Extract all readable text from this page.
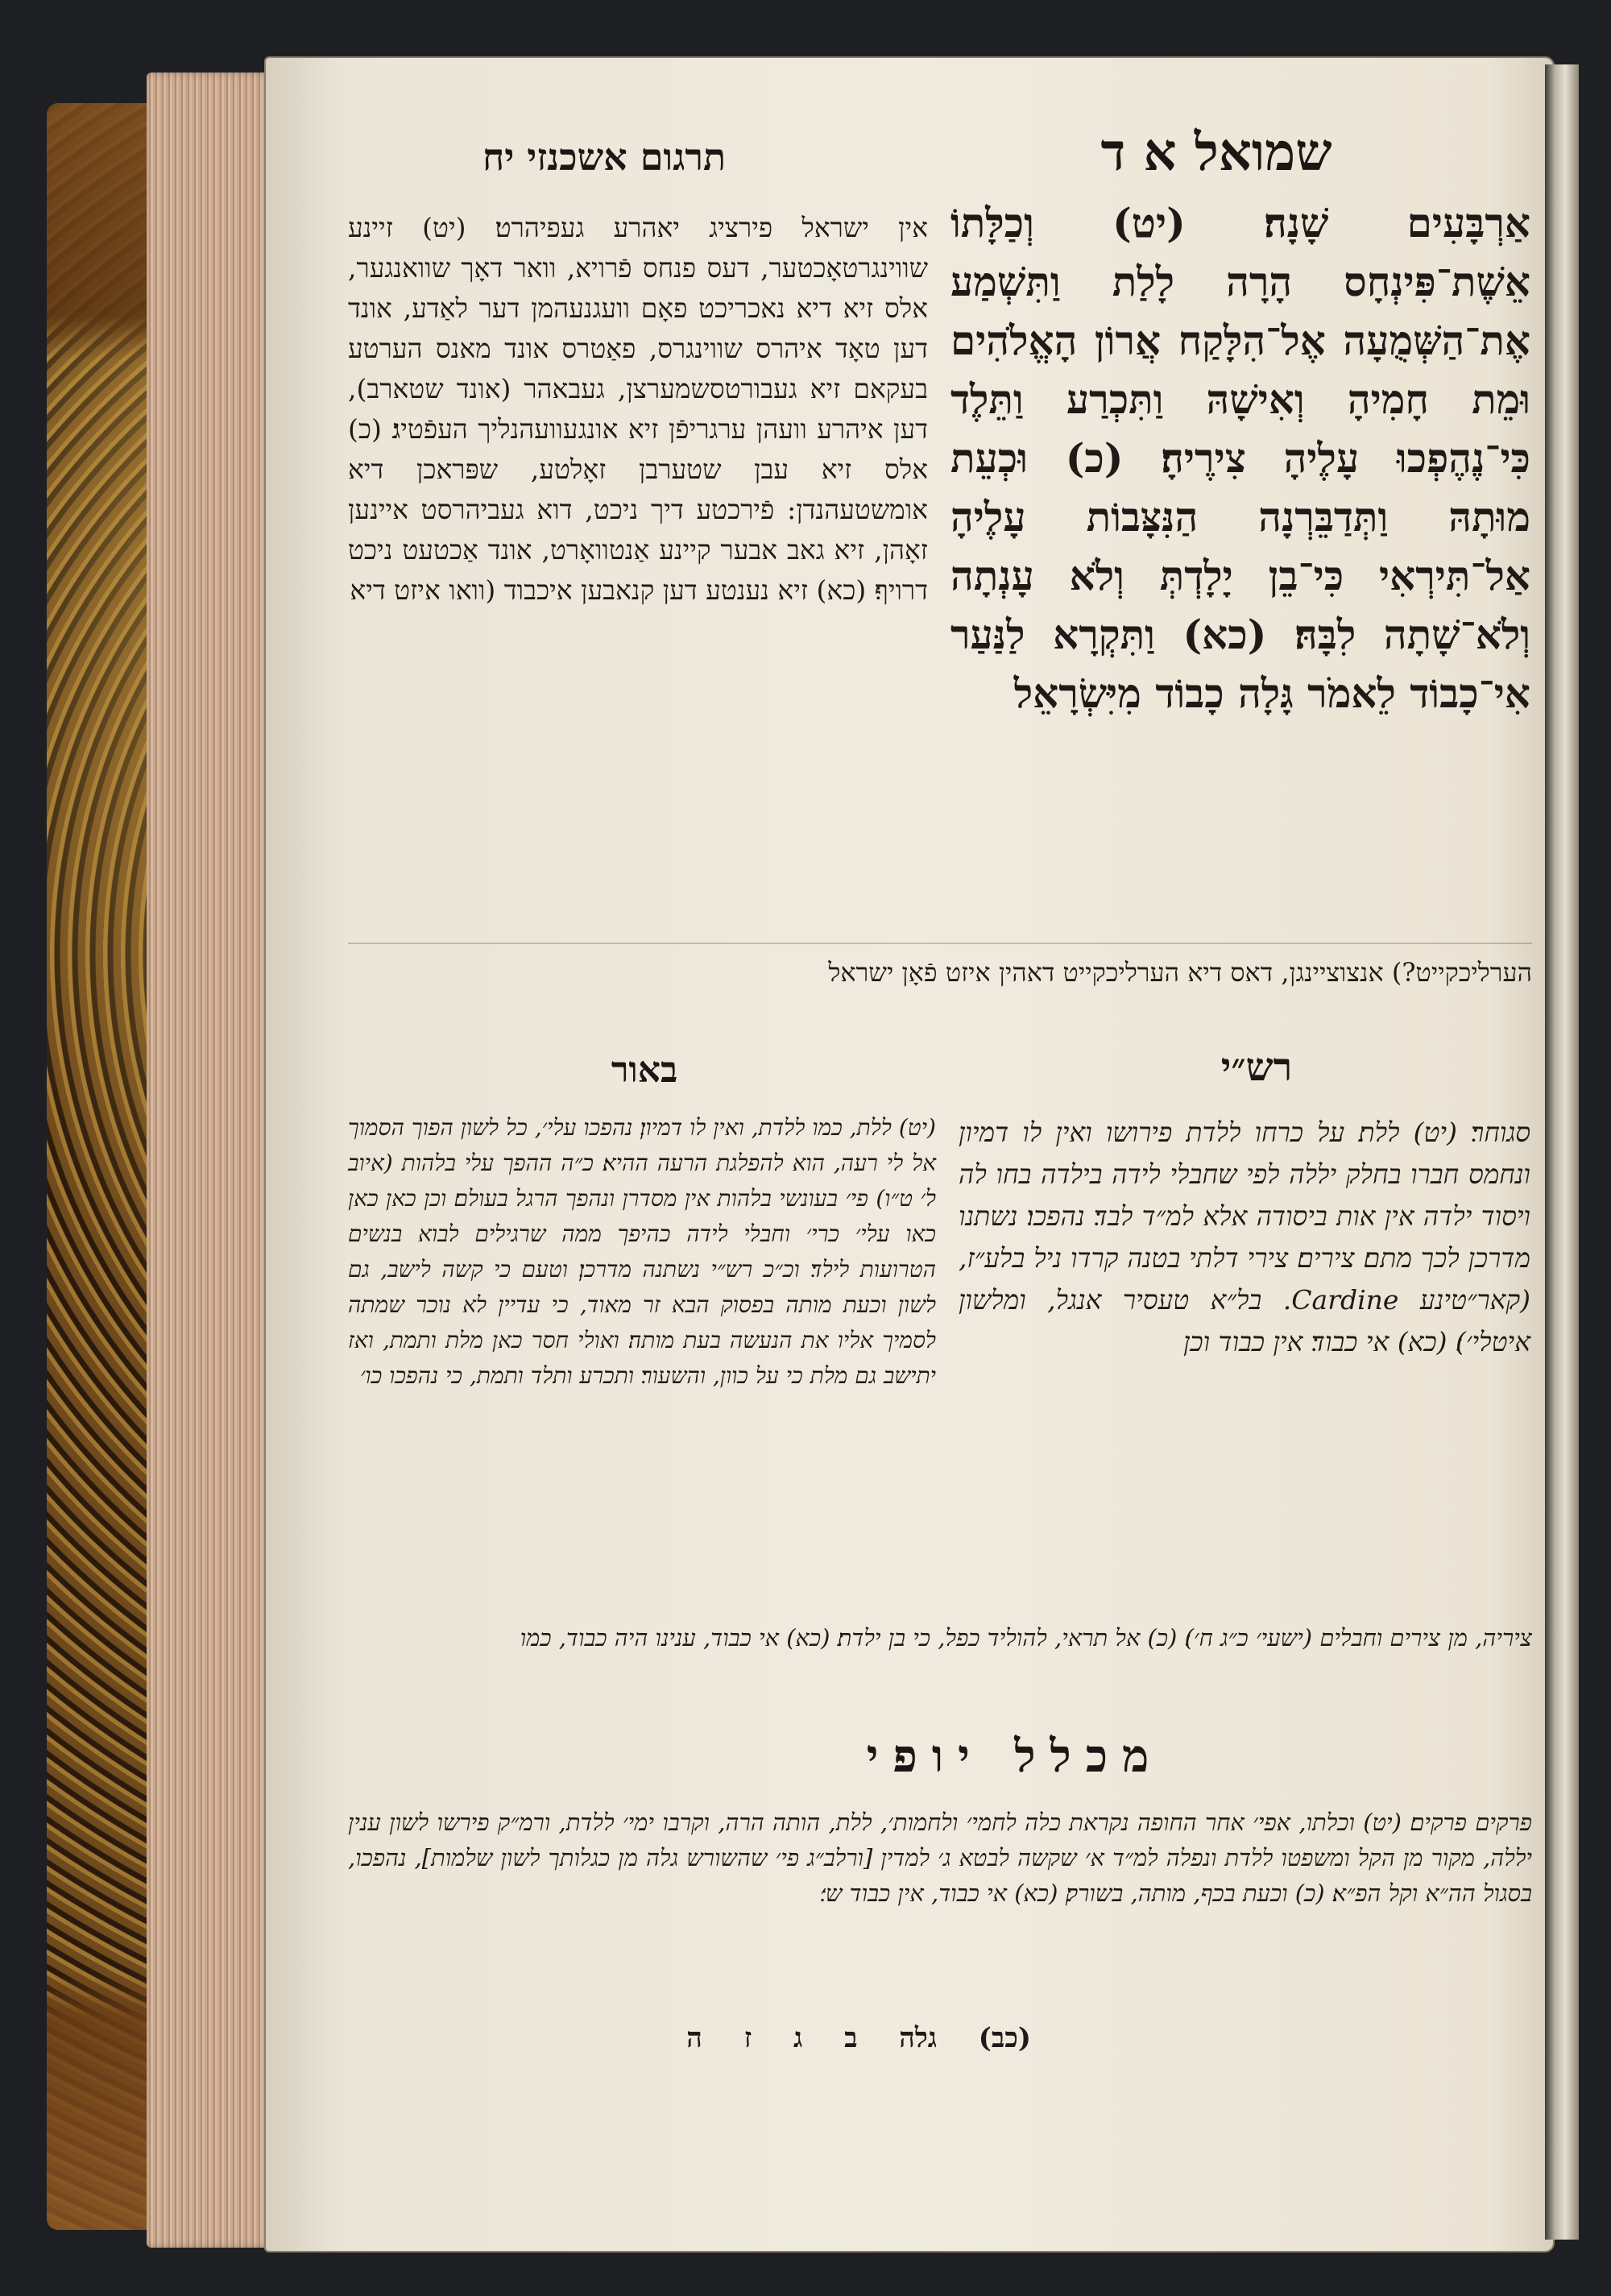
שמואל א ד
תרגום אשכנזי יח
אַרְבָּעִים שָׁנָה׃ (יט) וְכַלָּתוֹ אֵשֶׁת־פִּינְחָס הָרָה לָלַת וַתִּשְׁמַע אֶת־הַשְּׁמֻעָה אֶל־הִלָּקַח אֲרוֹן הָאֱלֹהִים וּמֵת חָמִיהָ וְאִישָׁהּ וַתִּכְרַע וַתֵּלֶד כִּי־נֶהֶפְכוּ עָלֶיהָ צִירֶיהָ׃ (כ) וּכְעֵת מוּתָהּ וַתְּדַבֵּרְנָה הַנִּצָּבוֹת עָלֶיהָ אַל־תִּירְאִי כִּי־בֵן יָלָדְתְּ וְלֹא עָנְתָה וְלֹא־שָׁתָה לִבָּהּ׃ (כא) וַתִּקְרָא לַנַּעַר אִי־כָבוֹד לֵאמֹר גָּלָה כָבוֹד מִיִּשְׂרָאֵל
אין ישראל פירציג יאהרע געפיהרט׃ (יט) זיינע שווינגרטאָכטער, דעס פנחס פֿרויא, וואר דאָך שוואנגער, אלס זיא דיא נאכריכט פאָם וועגנעהמן דער לאַדע, אונד דען טאָד איהרס שווינגרס, פאַטרס אונד מאנס הערטע בעקאם זיא געבורטסשמערצן, געבאהר (אונד שטארב), דען איהרע וועהן ערגריפֿן זיא אונגעוועהנליך העפֿטיג׃ (כ) אלס זיא עבן שטערבן זאָלטע, שפּראכן דיא אומשטעהנדן: פֿירכטע דיך ניכט, דוא געביהרסט איינען זאָהן, זיא גאב אבער קיינע אַנטוואָרט, אונד אַכטעט ניכט דרויף׃ (כא) זיא נענטע דען קנאבען איכבוד (וואו איזט דיא
הערליכקייט?) אנצוציינגן, דאס דיא הערליכקייט דאהין איזט פֿאָן ישראל
רש״י
באור
סגוחר׃ (יט) ללת׃ על כרחו ללדת פירושו ואין לו דמיון ונחמס חברו בחלק יללה לפי שחבלי לידה בילדה בחו לה ויסוד ילדה אין אות ביסודה אלא למ״ד לבד׃ נהפכו׃ נשתנו מדרכן לכך מתם׃ צירים׃ צירי דלתי בטנה קרדו ניל בלע״ז, (קאר״טינע Cardine. בל״א טעסיר אנגל, ומלשון איטלי׳)׃ (כא) אי כבוד׃ אין כבוד וכן
(יט) ללת, כמו ללדת, ואין לו דמיון׃ נהפכו עלי׳, כל לשון הפוך הסמוך אל לי רעה, הוא להפלגת הרעה ההיא׃ כ״ה ההפך עלי בלהות (איוב ל׳ ט״ו) פי׳ בעונשי בלהות אין מסדרן ונהפך הרגל בעולם׃ וכן כאן כאן כאו עלי׳ כרי׳ וחבלי לידה כהיפך ממה שרגילים לבוא בנשים הטרועות לילד׃ וכ״כ רש״י נשתנה מדרכן׃ וטעם כי קשה לישב, גם לשון וכעת מותה בפסוק הבא זר מאוד, כי עדיין לא נוכר שמתה לסמיך אליו את הנעשה בעת מותה׃ ואולי חסר כאן מלת ותמת, ואז יתישב גם מלת כי על כוון, והשעור׃ ותכרע ותלד ותמת, כי נהפכו כו׳
ציריה, מן צירים וחבלים (ישעי׳ כ״ג ח׳)׃ (כ) אל תראי, להוליד כפל, כי בן ילדת׃ (כא) אי כבוד, ענינו היה כבוד, כמו
מכלל יופי
פרקים פרקים׃ (יט) וכלתו, אפי׳ אחר החופה נקראת כלה לחמי׳ ולחמות׳, ללת, הותה הרה, וקרבו ימי׳ ללדת, ורמ״ק פירשו לשון ענין יללה, מקור מן הקל ומשפטו ללדת ונפלה למ״ד א׳ שקשה לבטא ג׳ למדין [ורלב״ג פי׳ שהשורש גלה מן כגלותך לשון שלמות], נהפכו, בסגול הה״א וקל הפ״א׃ (כ) וכעת בכף, מותה, בשורק׃ (כא) אי כבוד, אין כבוד ש׳׃
(כב) גלה ב ג ז ה
